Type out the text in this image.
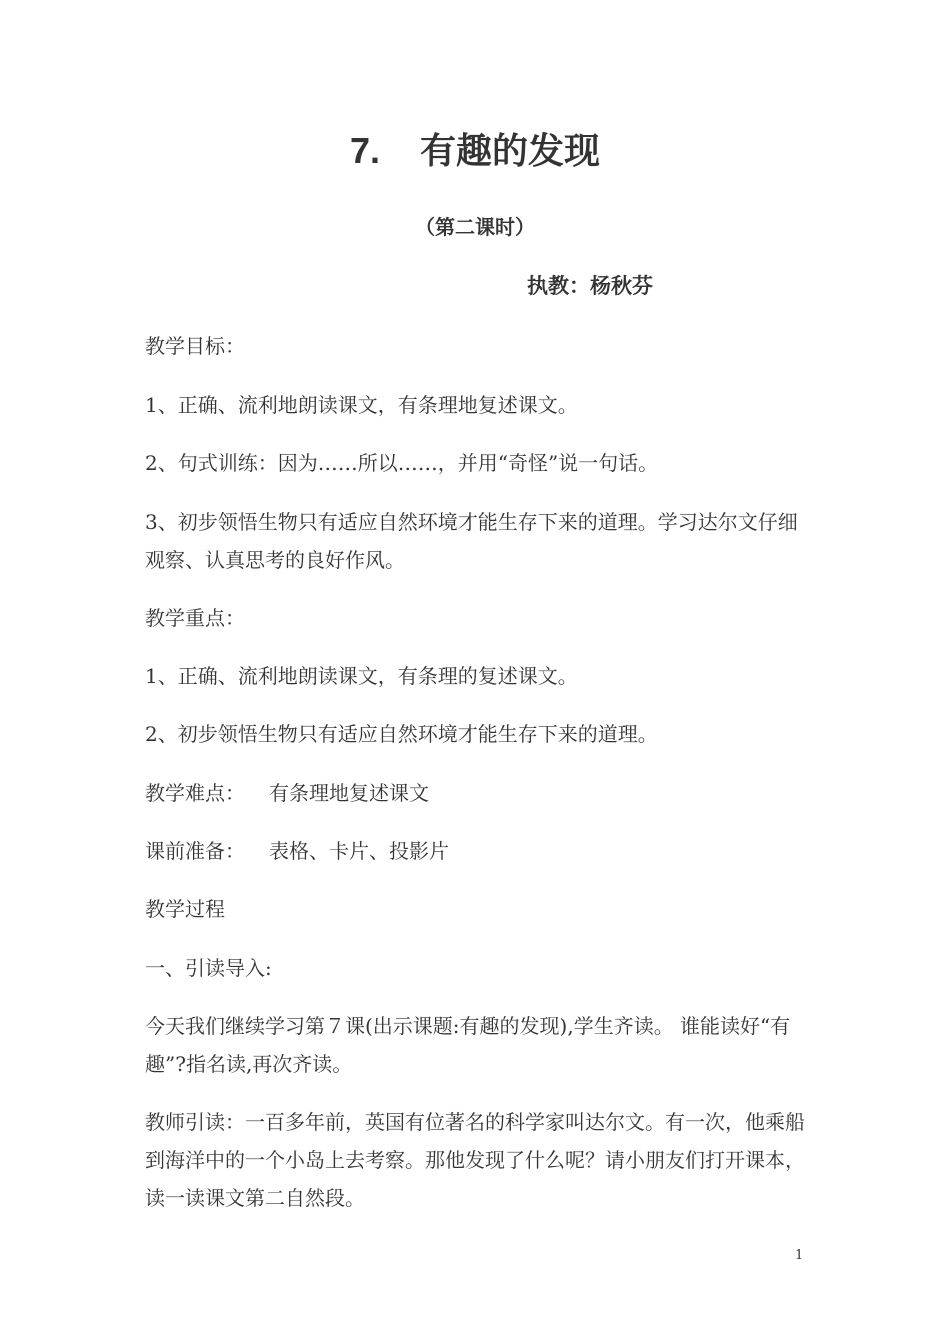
7. 有趣的发现
（第二课时）
执教：杨秋芬
教学目标：
1、正确、流利地朗读课文，有条理地复述课文。
2、句式训练：因为……所以……，并用“奇怪”说一句话。
3、初步领悟生物只有适应自然环境才能生存下来的道理。学习达尔文仔细观察、认真思考的良好作风。
教学重点：
1、正确、流利地朗读课文，有条理的复述课文。
2、初步领悟生物只有适应自然环境才能生存下来的道理。
教学难点： 有条理地复述课文
课前准备： 表格、卡片、投影片
教学过程
一、引读导入:
今天我们继续学习第７课(出示课题:有趣的发现),学生齐读。 谁能读好“有趣”?指名读,再次齐读。
教师引读：一百多年前，英国有位著名的科学家叫达尔文。有一次，他乘船到海洋中的一个小岛上去考察。那他发现了什么呢？请小朋友们打开课本，读一读课文第二自然段。
1
